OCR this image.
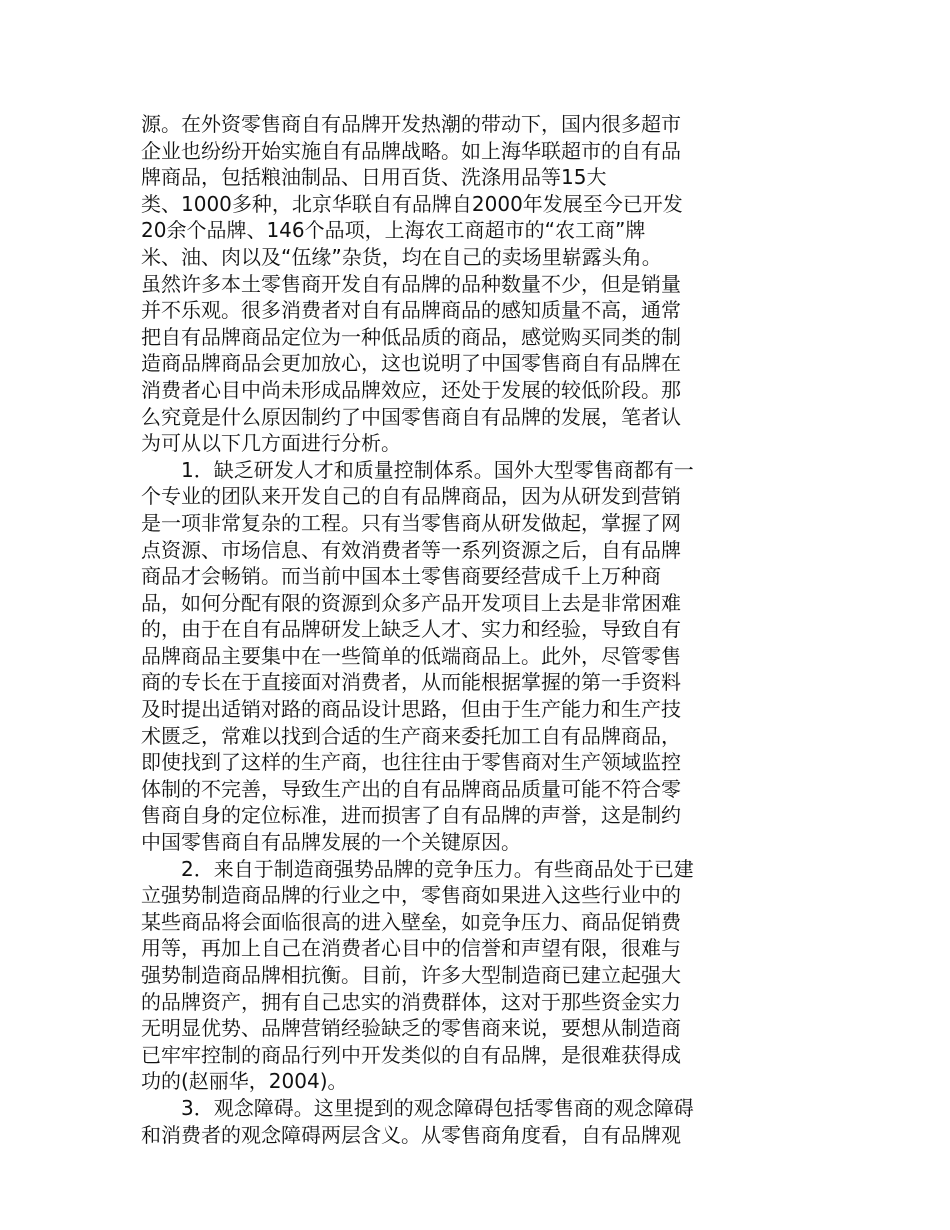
源。在外资零售商自有品牌开发热潮的带动下，国内很多超市
企业也纷纷开始实施自有品牌战略。如上海华联超市的自有品
牌商品，包括粮油制品、日用百货、洗涤用品等15大
类、1000多种，北京华联自有品牌自2000年发展至今已开发
20余个品牌、146个品项，上海农工商超市的“农工商”牌
米、油、肉以及“伍缘”杂货，均在自己的卖场里崭露头角。
虽然许多本土零售商开发自有品牌的品种数量不少，但是销量
并不乐观。很多消费者对自有品牌商品的感知质量不高，通常
把自有品牌商品定位为一种低品质的商品，感觉购买同类的制
造商品牌商品会更加放心，这也说明了中国零售商自有品牌在
消费者心目中尚未形成品牌效应，还处于发展的较低阶段。那
么究竟是什么原因制约了中国零售商自有品牌的发展，笔者认
为可从以下几方面进行分析。
　　1．缺乏研发人才和质量控制体系。国外大型零售商都有一
个专业的团队来开发自己的自有品牌商品，因为从研发到营销
是一项非常复杂的工程。只有当零售商从研发做起，掌握了网
点资源、市场信息、有效消费者等一系列资源之后，自有品牌
商品才会畅销。而当前中国本土零售商要经营成千上万种商
品，如何分配有限的资源到众多产品开发项目上去是非常困难
的，由于在自有品牌研发上缺乏人才、实力和经验，导致自有
品牌商品主要集中在一些简单的低端商品上。此外，尽管零售
商的专长在于直接面对消费者，从而能根据掌握的第一手资料
及时提出适销对路的商品设计思路，但由于生产能力和生产技
术匮乏，常难以找到合适的生产商来委托加工自有品牌商品，
即使找到了这样的生产商，也往往由于零售商对生产领域监控
体制的不完善，导致生产出的自有品牌商品质量可能不符合零
售商自身的定位标准，进而损害了自有品牌的声誉，这是制约
中国零售商自有品牌发展的一个关键原因。
　　2．来自于制造商强势品牌的竞争压力。有些商品处于已建
立强势制造商品牌的行业之中，零售商如果进入这些行业中的
某些商品将会面临很高的进入壁垒，如竞争压力、商品促销费
用等，再加上自己在消费者心目中的信誉和声望有限，很难与
强势制造商品牌相抗衡。目前，许多大型制造商已建立起强大
的品牌资产，拥有自己忠实的消费群体，这对于那些资金实力
无明显优势、品牌营销经验缺乏的零售商来说，要想从制造商
已牢牢控制的商品行列中开发类似的自有品牌，是很难获得成
功的(赵丽华，2004)。
　　3．观念障碍。这里提到的观念障碍包括零售商的观念障碍
和消费者的观念障碍两层含义。从零售商角度看，自有品牌观
